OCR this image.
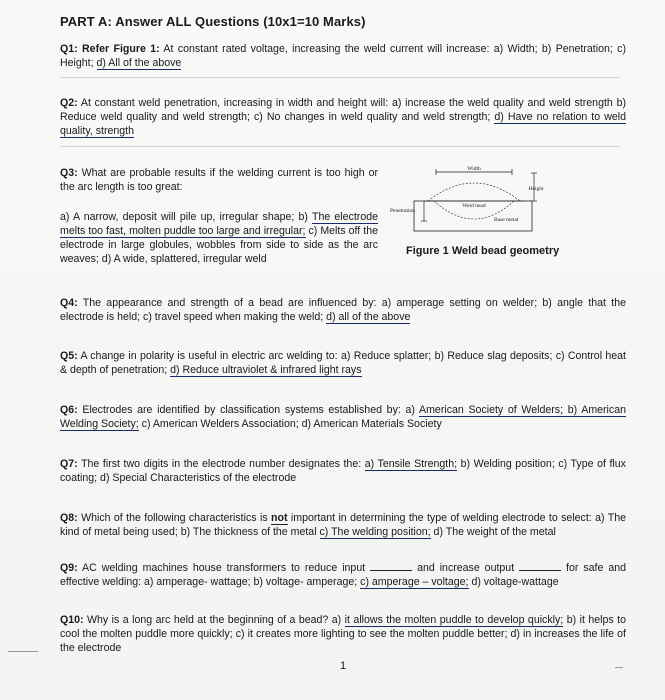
PART A: Answer ALL Questions (10x1=10 Marks)
Q1: Refer Figure 1: At constant rated voltage, increasing the weld current will increase: a) Width; b) Penetration; c) Height; d) All of the above
Q2: At constant weld penetration, increasing in width and height will: a) increase the weld quality and weld strength b) Reduce weld quality and weld strength; c) No changes in weld quality and weld strength; d) Have no relation to weld quality, strength
Q3: What are probable results if the welding current is too high or the arc length is too great:
a) A narrow, deposit will pile up, irregular shape; b) The electrode melts too fast, molten puddle too large and irregular; c) Melts off the electrode in large globules, wobbles from side to side as the arc weaves; d) A wide, splattered, irregular weld
Width
Height
Penetration
Weld head
Base metal
Figure 1 Weld bead geometry
Q4: The appearance and strength of a bead are influenced by: a) amperage setting on welder; b) angle that the electrode is held; c) travel speed when making the weld; d) all of the above
Q5: A change in polarity is useful in electric arc welding to: a) Reduce splatter; b) Reduce slag deposits; c) Control heat & depth of penetration; d) Reduce ultraviolet & infrared light rays
Q6: Electrodes are identified by classification systems established by: a) American Society of Welders; b) American Welding Society; c) American Welders Association; d) American Materials Society
Q7: The first two digits in the electrode number designates the: a) Tensile Strength; b) Welding position; c) Type of flux coating; d) Special Characteristics of the electrode
Q8: Which of the following characteristics is not important in determining the type of welding electrode to select: a) The kind of metal being used; b) The thickness of the metal c) The welding position; d) The weight of the metal
Q9: AC welding machines house transformers to reduce input	and increase output	for safe and effective welding: a) amperage- wattage; b) voltage- amperage; c) amperage – voltage; d) voltage-wattage
Q10: Why is a long arc held at the beginning of a bead? a) it allows the molten puddle to develop quickly; b) it helps to cool the molten puddle more quickly; c) it creates more lighting to see the molten puddle better; d) in increases the life of the electrode
1
